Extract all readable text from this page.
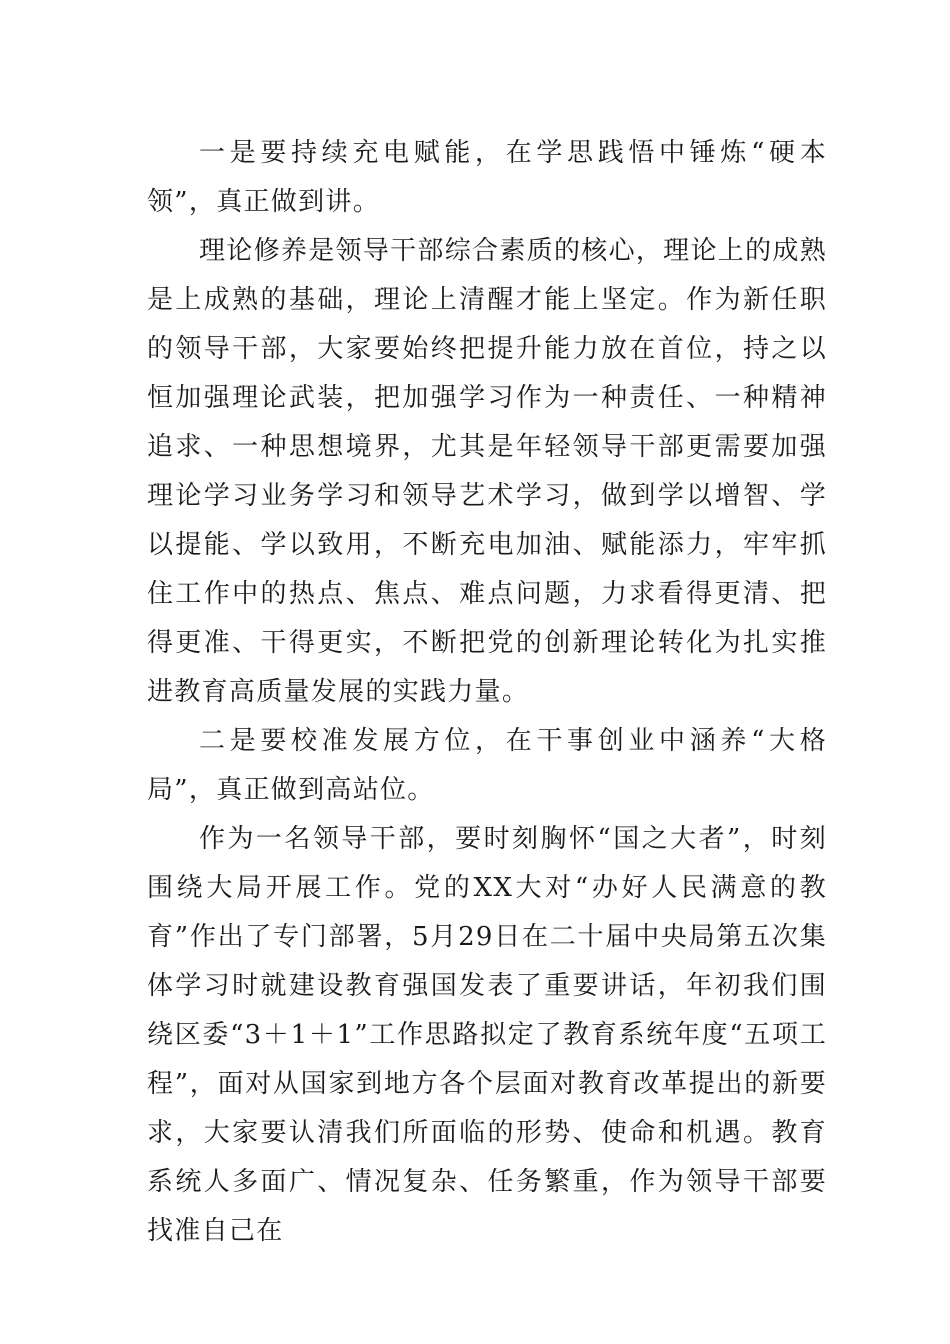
一是要持续充电赋能，在学思践悟中锤炼“硬本领”，真正做到讲。

理论修养是领导干部综合素质的核心，理论上的成熟是上成熟的基础，理论上清醒才能上坚定。作为新任职的领导干部，大家要始终把提升能力放在首位，持之以恒加强理论武装，把加强学习作为一种责任、一种精神追求、一种思想境界，尤其是年轻领导干部更需要加强理论学习业务学习和领导艺术学习，做到学以增智、学以提能、学以致用，不断充电加油、赋能添力，牢牢抓住工作中的热点、焦点、难点问题，力求看得更清、把得更准、干得更实，不断把党的创新理论转化为扎实推进教育高质量发展的实践力量。

二是要校准发展方位，在干事创业中涵养“大格局”，真正做到高站位。

作为一名领导干部，要时刻胸怀“国之大者”，时刻围绕大局开展工作。党的XX大对“办好人民满意的教育”作出了专门部署，5月29日在二十届中央局第五次集体学习时就建设教育强国发表了重要讲话，年初我们围绕区委“3＋1＋1”工作思路拟定了教育系统年度“五项工程”，面对从国家到地方各个层面对教育改革提出的新要求，大家要认清我们所面临的形势、使命和机遇。教育系统人多面广、情况复杂、任务繁重，作为领导干部要找准自己在
